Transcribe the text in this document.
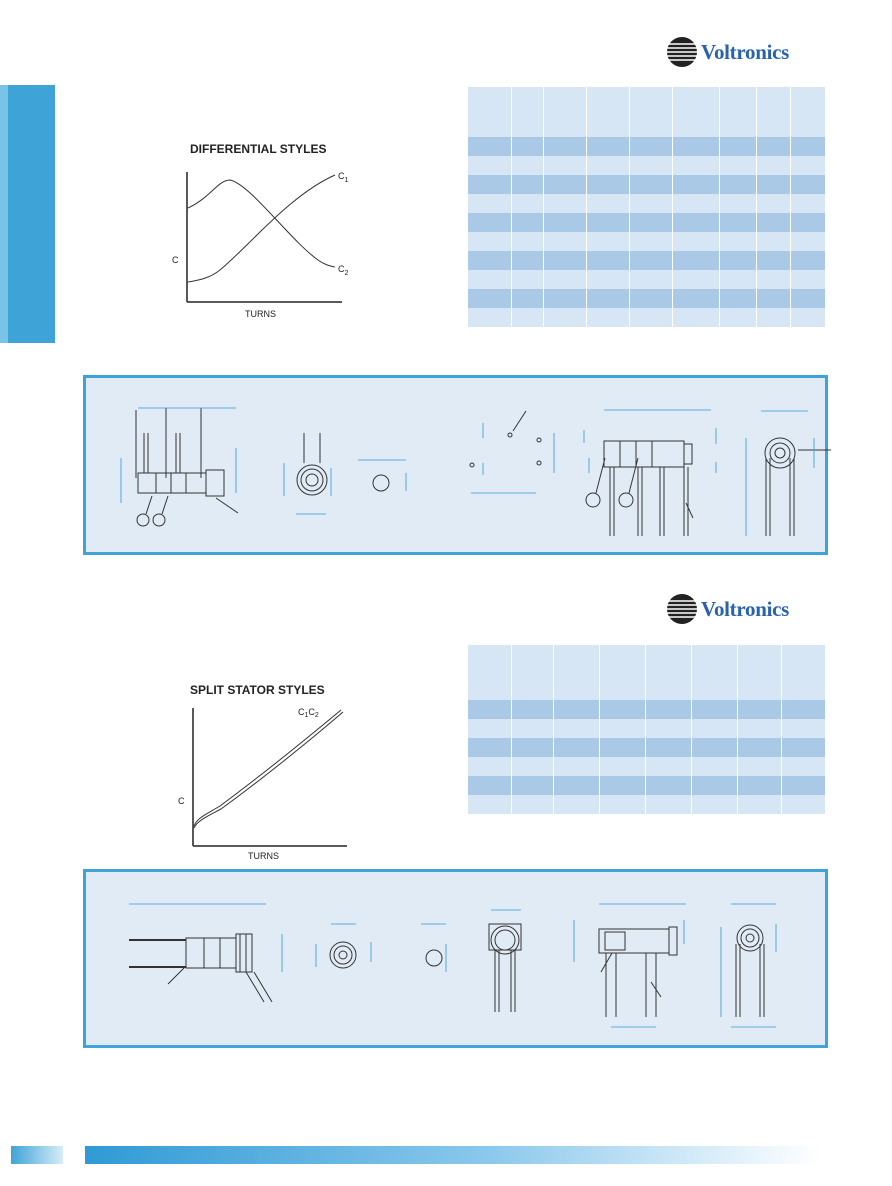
Voltronics
DIFFERENTIAL STYLES
C
TURNS
$C_1$
$C_2$

Voltronics
SPLIT STATOR STYLES
C
TURNS
$C_1C_2$
